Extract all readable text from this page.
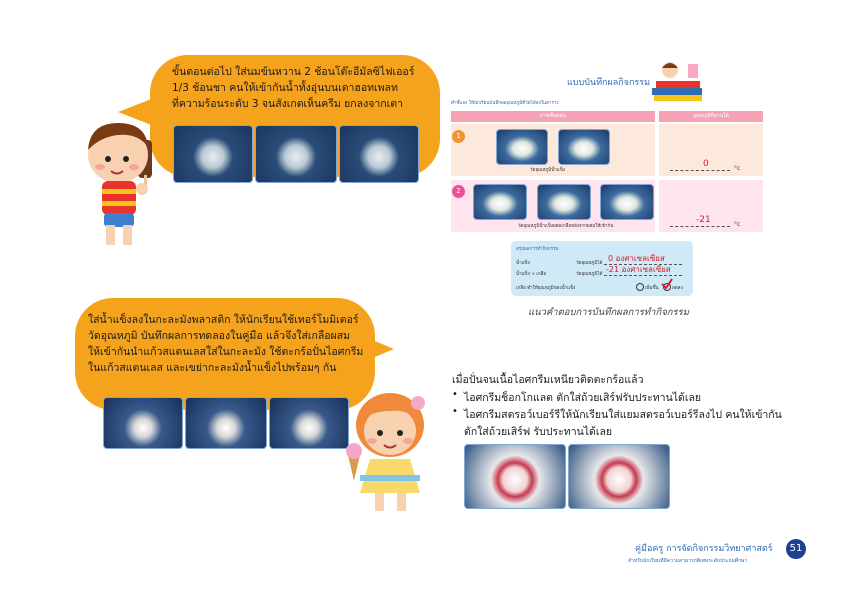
ขั้นตอนต่อไป ใส่นมข้นหวาน 2 ช้อนโต๊ะอีมัลซิไฟเออร์
1/3 ช้อนชา คนให้เข้ากันน้ำทั้งอุ่นบนเตาฮอทเพลท
ที่ความร้อนระดับ 3 จนสังเกตเห็นครีม ยกลงจากเตา
ใส่น้ำแข็งลงในกะละมังพลาสติก ให้นักเรียนใช้เทอร์โมมิเตอร์
วัดอุณหภูมิ บันทึกผลการทดลองในคู่มือ แล้วจึงใส่เกลือผสม
ให้เข้ากันนำแก้วสแตนเลสใส่ในกะละมัง ใช้ตะกร้อปั่นไอศกรีม
ในแก้วสแตนเลส และเขย่ากะละมังน้ำแข็งไปพร้อมๆ กัน
แบบบันทึกผลกิจกรรม
คำชี้แจง ให้นักเรียนบันทึกผลอุณหภูมิที่วัดได้ลงในตาราง
ภาพขั้นตอน	อุณหภูมิที่อ่านได้
1
วัดอุณหภูมิน้ำแข็ง
0	°c
2
วัดอุณหภูมิน้ำแข็งผสมเกลือหลังจากผสมให้เข้ากัน
-21	°c
สรุปผลการทำกิจกรรม
น้ำแข็ง	วัดอุณหภูมิได้
0 องศาเซลเซียส
น้ำแข็ง + เกลือ	วัดอุณหภูมิได้
-21 องศาเซลเซียส
เกลือ ทำให้อุณหภูมิของน้ำแข็ง	เพิ่มขึ้น	ลดลง
แนวคำตอบการบันทึกผลการทำกิจกรรม
เมื่อปั่นจนเนื้อไอศกรีมเหนียวติดตะกร้อแล้ว
• ไอศกรีมช็อกโกแลต ตักใส่ถ้วยเสิร์ฟรับประทานได้เลย
• ไอศกรีมสตรอว์เบอร์รีให้นักเรียนใส่แยมสตรอว์เบอร์รีลงไป คนให้เข้ากัน
ตักใส่ถ้วยเสิร์ฟ รับประทานได้เลย
คู่มือครู การจัดกิจกรรมวิทยาศาสตร์
สำหรับนักเรียนที่มีความสามารถพิเศษระดับประถมศึกษา
51
